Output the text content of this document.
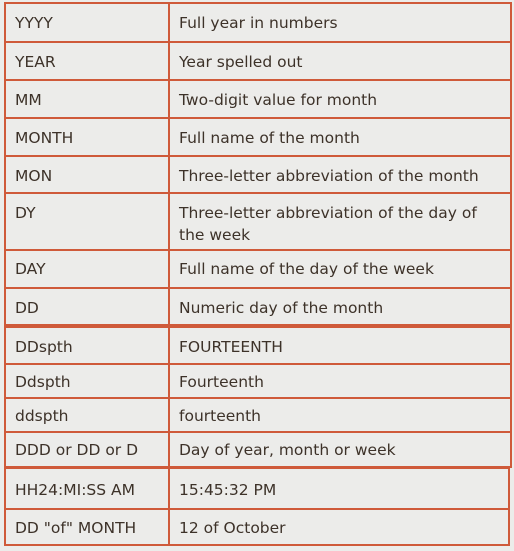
YYYY	Full year in numbers
YEAR	Year spelled out
MM	Two-digit value for month
MONTH	Full name of the month
MON	Three-letter abbreviation of the month
DY	Three-letter abbreviation of the day of the week
DAY	Full name of the day of the week
DD	Numeric day of the month
DDspth	FOURTEENTH
Ddspth	Fourteenth
ddspth	fourteenth
DDD or DD or D	Day of year, month or week
HH24:MI:SS AM	15:45:32 PM
DD "of" MONTH	12 of October
